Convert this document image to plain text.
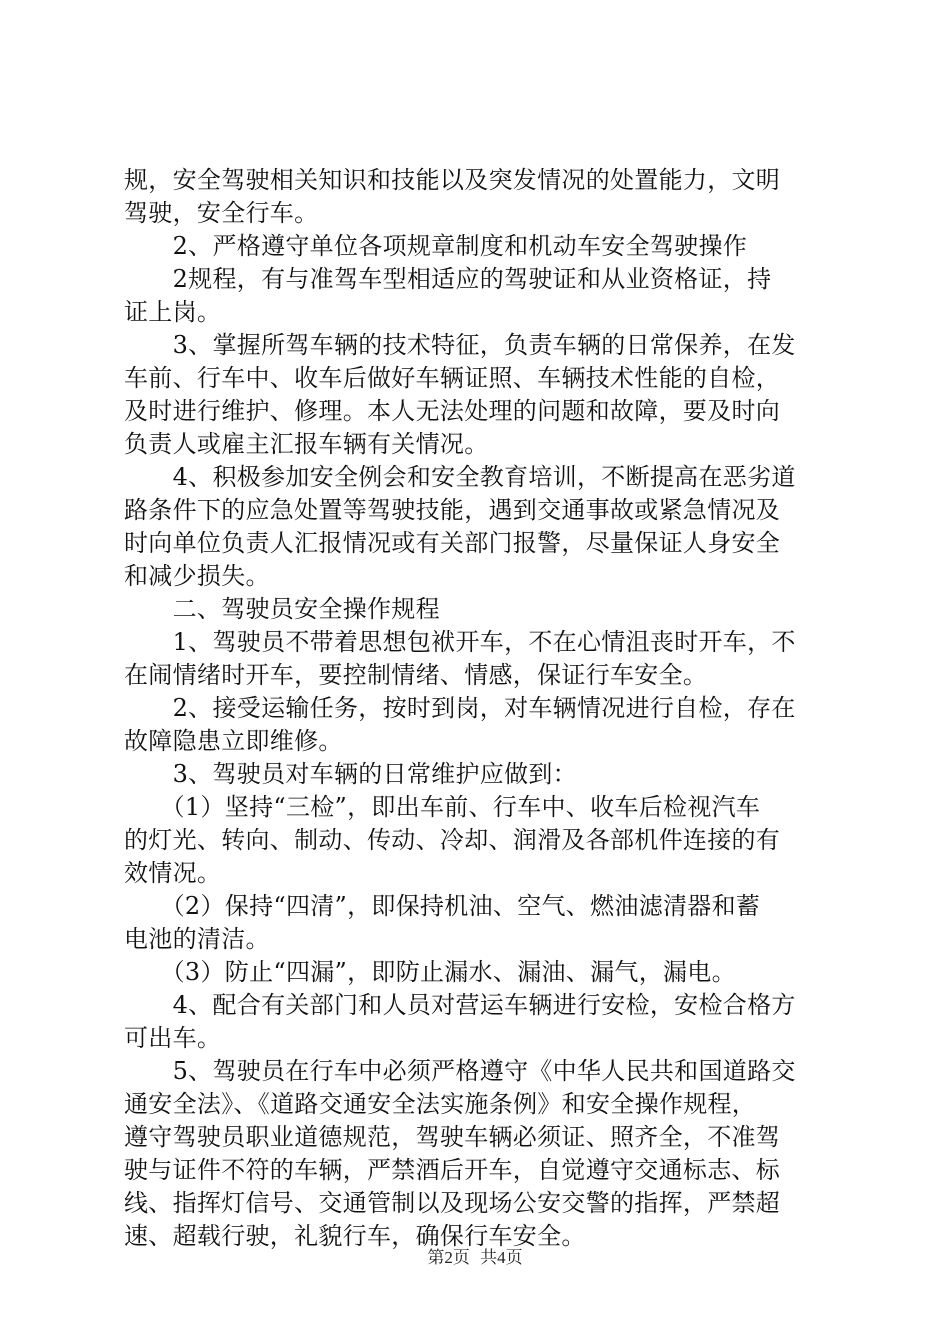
规，安全驾驶相关知识和技能以及突发情况的处置能力，文明
驾驶，安全行车。
　　2、严格遵守单位各项规章制度和机动车安全驾驶操作
　　2规程，有与准驾车型相适应的驾驶证和从业资格证，持
证上岗。
　　3、掌握所驾车辆的技术特征，负责车辆的日常保养，在发
车前、行车中、收车后做好车辆证照、车辆技术性能的自检，
及时进行维护、修理。本人无法处理的问题和故障，要及时向
负责人或雇主汇报车辆有关情况。
　　4、积极参加安全例会和安全教育培训，不断提高在恶劣道
路条件下的应急处置等驾驶技能，遇到交通事故或紧急情况及
时向单位负责人汇报情况或有关部门报警，尽量保证人身安全
和减少损失。
　　二、驾驶员安全操作规程
　　1、驾驶员不带着思想包袱开车，不在心情沮丧时开车，不
在闹情绪时开车，要控制情绪、情感，保证行车安全。
　　2、接受运输任务，按时到岗，对车辆情况进行自检，存在
故障隐患立即维修。
　　3、驾驶员对车辆的日常维护应做到：
　　（1）坚持“三检”，即出车前、行车中、收车后检视汽车
的灯光、转向、制动、传动、冷却、润滑及各部机件连接的有
效情况。
　　（2）保持“四清”，即保持机油、空气、燃油滤清器和蓄
电池的清洁。
　　（3）防止“四漏”，即防止漏水、漏油、漏气，漏电。
　　4、配合有关部门和人员对营运车辆进行安检，安检合格方
可出车。
　　5、驾驶员在行车中必须严格遵守《中华人民共和国道路交
通安全法》、《道路交通安全法实施条例》和安全操作规程，
遵守驾驶员职业道德规范，驾驶车辆必须证、照齐全，不准驾
驶与证件不符的车辆，严禁酒后开车，自觉遵守交通标志、标
线、指挥灯信号、交通管制以及现场公安交警的指挥，严禁超
速、超载行驶，礼貌行车，确保行车安全。
第2页 共4页
